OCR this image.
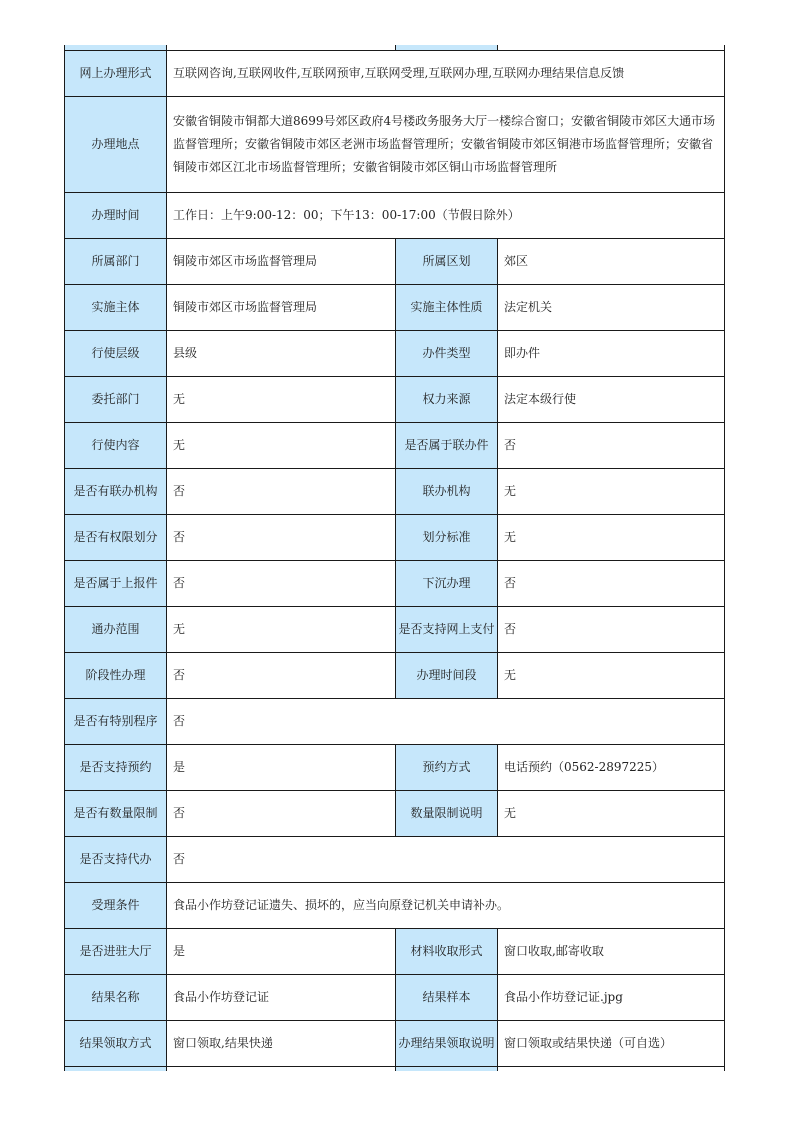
网上办理形式	互联网咨询,互联网收件,互联网预审,互联网受理,互联网办理,互联网办理结果信息反馈		
办理地点	安徽省铜陵市铜都大道8699号郊区政府4号楼政务服务大厅一楼综合窗口；安徽省铜陵市郊区大通市场监督管理所；安徽省铜陵市郊区老洲市场监督管理所；安徽省铜陵市郊区铜港市场监督管理所；安徽省铜陵市郊区江北市场监督管理所；安徽省铜陵市郊区铜山市场监督管理所		
办理时间	工作日：上午9:00-12：00；下午13：00-17:00（节假日除外）		
所属部门	铜陵市郊区市场监督管理局	所属区划	郊区
实施主体	铜陵市郊区市场监督管理局	实施主体性质	法定机关
行使层级	县级	办件类型	即办件
委托部门	无	权力来源	法定本级行使
行使内容	无	是否属于联办件	否
是否有联办机构	否	联办机构	无
是否有权限划分	否	划分标准	无
是否属于上报件	否	下沉办理	否
通办范围	无	是否支持网上支付	否
阶段性办理	否	办理时间段	无
是否有特别程序	否		
是否支持预约	是	预约方式	电话预约（0562-2897225）
是否有数量限制	否	数量限制说明	无
是否支持代办	否		
受理条件	食品小作坊登记证遗失、损坏的，应当向原登记机关申请补办。		
是否进驻大厅	是	材料收取形式	窗口收取,邮寄收取
结果名称	食品小作坊登记证	结果样本	食品小作坊登记证.jpg
结果领取方式	窗口领取,结果快递	办理结果领取说明	窗口领取或结果快递（可自选）
